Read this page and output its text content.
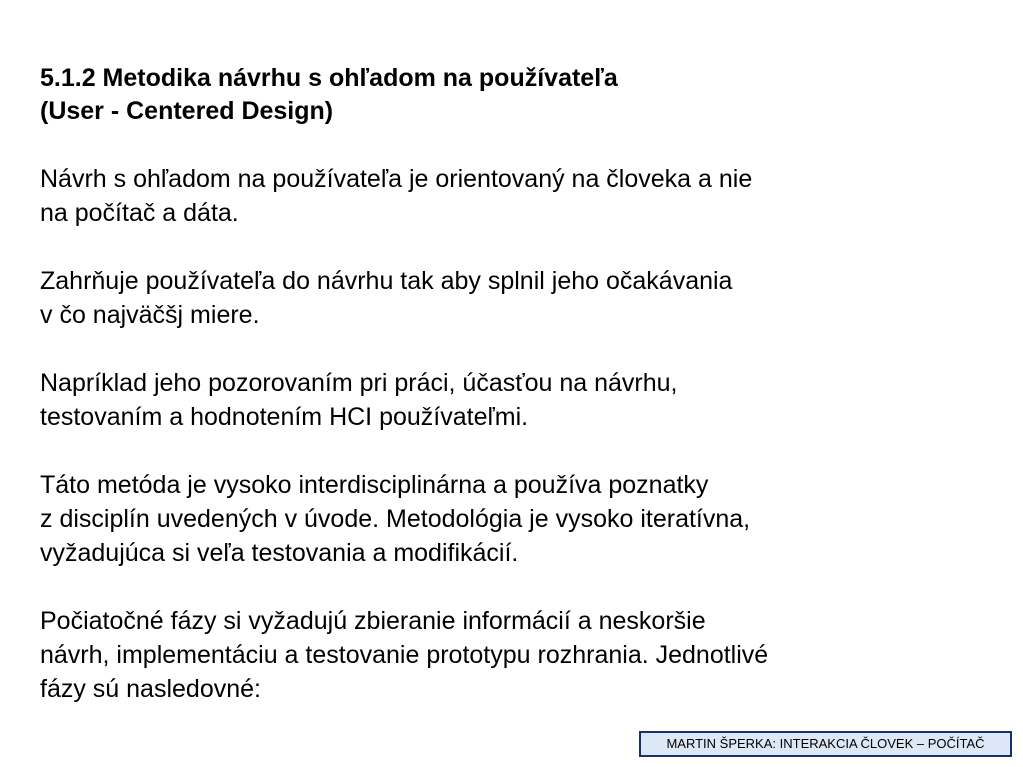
5.1.2 Metodika návrhu s ohľadom na používateľa
(User - Centered Design)

Návrh s ohľadom na používateľa je orientovaný na človeka a nie
na počítač a dáta.

Zahrňuje používateľa do návrhu tak aby splnil jeho očakávania
v čo najväčšj miere.

Napríklad jeho pozorovaním pri práci, účasťou na návrhu,
testovaním a hodnotením HCI používateľmi.

Táto metóda je vysoko interdisciplinárna a používa poznatky
z disciplín uvedených v úvode. Metodológia je vysoko iteratívna,
vyžadujúca si veľa testovania a modifikácií.

Počiatočné fázy si vyžadujú zbieranie informácií a neskoršie
návrh, implementáciu a testovanie prototypu rozhrania. Jednotlivé
fázy sú nasledovné:

MARTIN ŠPERKA: INTERAKCIA ČLOVEK – POČÍTAČ
